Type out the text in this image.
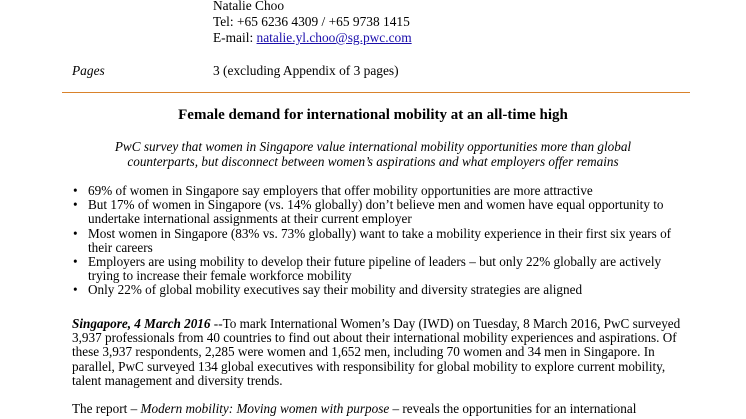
Natalie Choo
Tel: +65 6236 4309 / +65 9738 1415
E-mail: natalie.yl.choo@sg.pwc.com
Pages	3 (excluding Appendix of 3 pages)
Female demand for international mobility at an all-time high
PwC survey that women in Singapore value international mobility opportunities more than global counterparts, but disconnect between women’s aspirations and what employers offer remains
• 69% of women in Singapore say employers that offer mobility opportunities are more attractive
• But 17% of women in Singapore (vs. 14% globally) don’t believe men and women have equal opportunity to undertake international assignments at their current employer
• Most women in Singapore (83% vs. 73% globally) want to take a mobility experience in their first six years of their careers
• Employers are using mobility to develop their future pipeline of leaders – but only 22% globally are actively trying to increase their female workforce mobility
• Only 22% of global mobility executives say their mobility and diversity strategies are aligned
Singapore, 4 March 2016 --To mark International Women’s Day (IWD) on Tuesday, 8 March 2016, PwC surveyed 3,937 professionals from 40 countries to find out about their international mobility experiences and aspirations. Of these 3,937 respondents, 2,285 were women and 1,652 men, including 70 women and 34 men in Singapore. In parallel, PwC surveyed 134 global executives with responsibility for global mobility to explore current mobility, talent management and diversity trends.
The report – Modern mobility: Moving women with purpose – reveals the opportunities for an international
